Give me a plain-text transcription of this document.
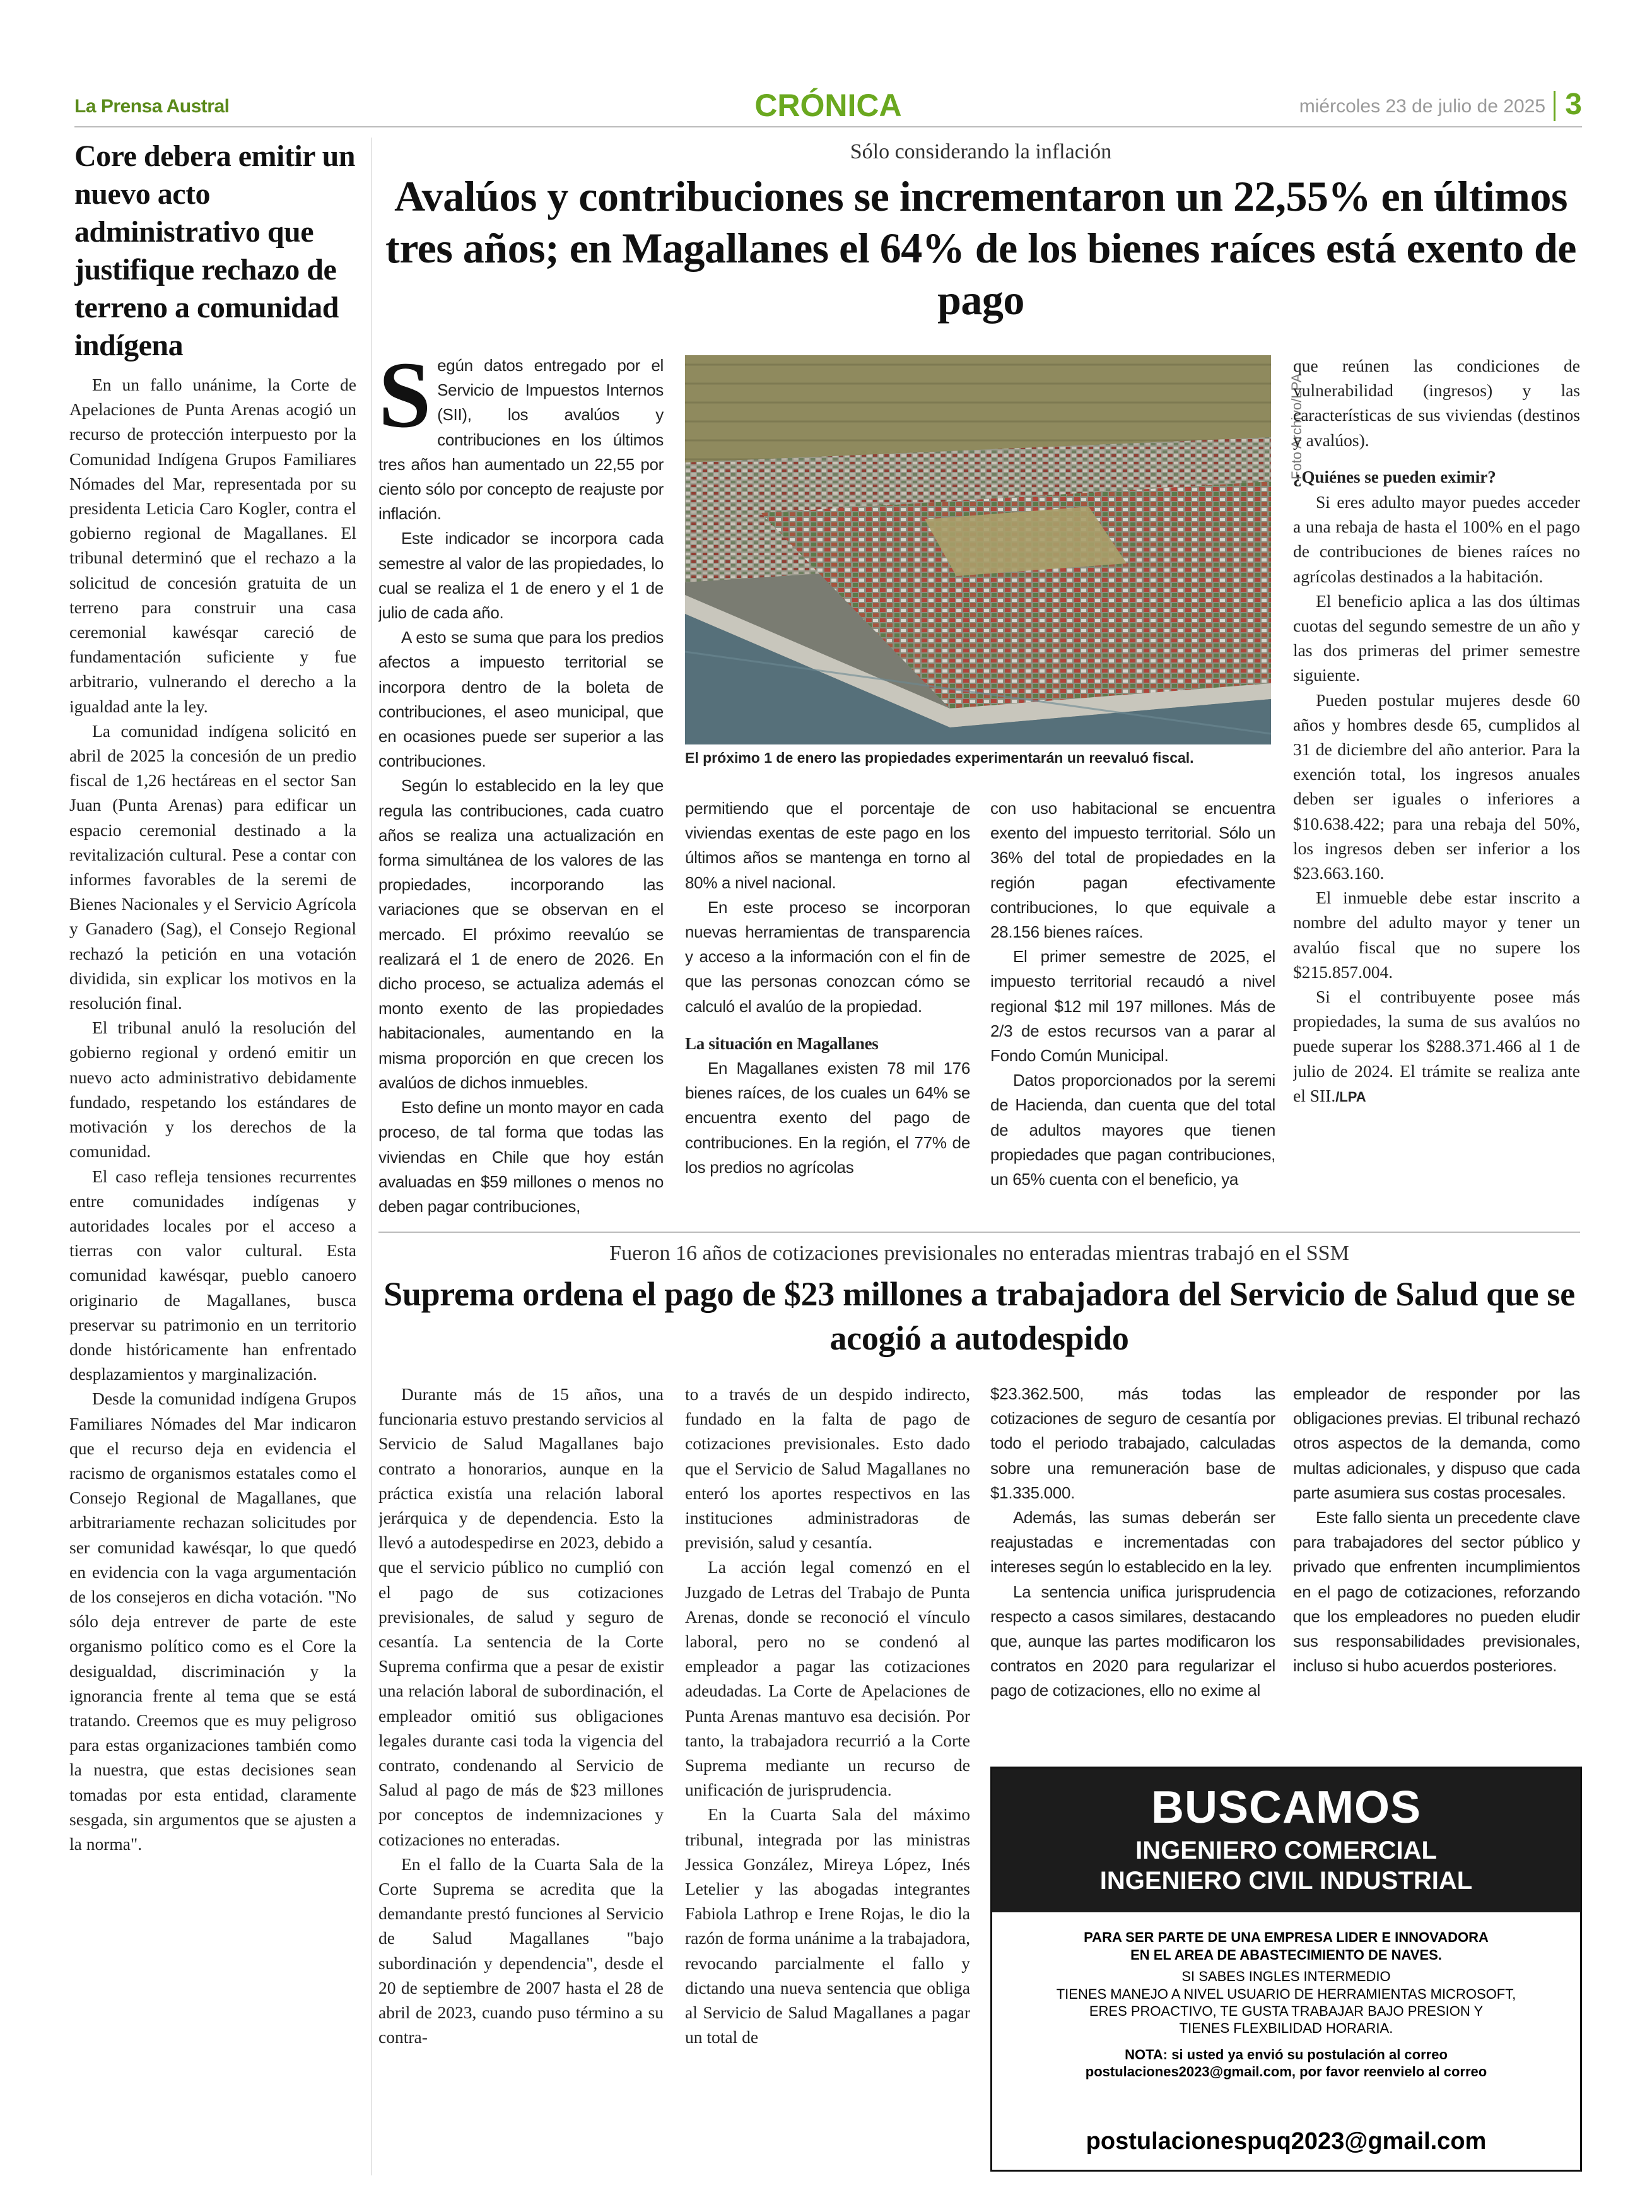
La Prensa Austral	CRÓNICA	miércoles 23 de julio de 2025 3
Core debera emitir un nuevo acto administrativo que justifique rechazo de terreno a comunidad indígena

En un fallo unánime, la Corte de Apelaciones de Punta Arenas acogió un recurso de protección interpuesto por la Comunidad Indígena Grupos Familiares Nómades del Mar, representada por su presidenta Leticia Caro Kogler, contra el gobierno regional de Magallanes. El tribunal determinó que el rechazo a la solicitud de concesión gratuita de un terreno para construir una casa ceremonial kawésqar careció de fundamentación suficiente y fue arbitrario, vulnerando el derecho a la igualdad ante la ley.

La comunidad indígena solicitó en abril de 2025 la concesión de un predio fiscal de 1,26 hectáreas en el sector San Juan (Punta Arenas) para edificar un espacio ceremonial destinado a la revitalización cultural. Pese a contar con informes favorables de la seremi de Bienes Nacionales y el Servicio Agrícola y Ganadero (Sag), el Consejo Regional rechazó la petición en una votación dividida, sin explicar los motivos en la resolución final.

El tribunal anuló la resolución del gobierno regional y ordenó emitir un nuevo acto administrativo debidamente fundado, respetando los estándares de motivación y los derechos de la comunidad.

El caso refleja tensiones recurrentes entre comunidades indígenas y autoridades locales por el acceso a tierras con valor cultural. Esta comunidad kawésqar, pueblo canoero originario de Magallanes, busca preservar su patrimonio en un territorio donde históricamente han enfrentado desplazamientos y marginalización.

Desde la comunidad indígena Grupos Familiares Nómades del Mar indicaron que el recurso deja en evidencia el racismo de organismos estatales como el Consejo Regional de Magallanes, que arbitrariamente rechazan solicitudes por ser comunidad kawésqar, lo que quedó en evidencia con la vaga argumentación de los consejeros en dicha votación. "No sólo deja entrever de parte de este organismo político como es el Core la desigualdad, discriminación y la ignorancia frente al tema que se está tratando. Creemos que es muy peligroso para estas organizaciones también como la nuestra, que estas decisiones sean tomadas por esta entidad, claramente sesgada, sin argumentos que se ajusten a la norma".

Sólo considerando la inflación
Avalúos y contribuciones se incrementaron un 22,55% en últimos tres años; en Magallanes el 64% de los bienes raíces está exento de pago
Foto Archivo/LPA
El próximo 1 de enero las propiedades experimentarán un reevaluó fiscal.

Según datos entregado por el Servicio de Impuestos Internos (SII), los avalúos y contribuciones en los últimos tres años han aumentado un 22,55 por ciento sólo por concepto de reajuste por inflación.

Este indicador se incorpora cada semestre al valor de las propiedades, lo cual se realiza el 1 de enero y el 1 de julio de cada año.

A esto se suma que para los predios afectos a impuesto territorial se incorpora dentro de la boleta de contribuciones, el aseo municipal, que en ocasiones puede ser superior a las contribuciones.

Según lo establecido en la ley que regula las contribuciones, cada cuatro años se realiza una actualización en forma simultánea de los valores de las propiedades, incorporando las variaciones que se observan en el mercado. El próximo reevalúo se realizará el 1 de enero de 2026. En dicho proceso, se actualiza además el monto exento de las propiedades habitacionales, aumentando en la misma proporción en que crecen los avalúos de dichos inmuebles.

Esto define un monto mayor en cada proceso, de tal forma que todas las viviendas en Chile que hoy están avaluadas en $59 millones o menos no deben pagar contribuciones,

permitiendo que el porcentaje de viviendas exentas de este pago en los últimos años se mantenga en torno al 80% a nivel nacional.

En este proceso se incorporan nuevas herramientas de transparencia y acceso a la información con el fin de que las personas conozcan cómo se calculó el avalúo de la propiedad.

La situación en Magallanes

En Magallanes existen 78 mil 176 bienes raíces, de los cuales un 64% se encuentra exento del pago de contribuciones. En la región, el 77% de los predios no agrícolas

con uso habitacional se encuentra exento del impuesto territorial. Sólo un 36% del total de propiedades en la región pagan efectivamente contribuciones, lo que equivale a 28.156 bienes raíces.

El primer semestre de 2025, el impuesto territorial recaudó a nivel regional $12 mil 197 millones. Más de 2/3 de estos recursos van a parar al Fondo Común Municipal.

Datos proporcionados por la seremi de Hacienda, dan cuenta que del total de adultos mayores que tienen propiedades que pagan contribuciones, un 65% cuenta con el beneficio, ya

que reúnen las condiciones de vulnerabilidad (ingresos) y las características de sus viviendas (destinos y avalúos).

¿Quiénes se pueden eximir?

Si eres adulto mayor puedes acceder a una rebaja de hasta el 100% en el pago de contribuciones de bienes raíces no agrícolas destinados a la habitación.

El beneficio aplica a las dos últimas cuotas del segundo semestre de un año y las dos primeras del primer semestre siguiente.

Pueden postular mujeres desde 60 años y hombres desde 65, cumplidos al 31 de diciembre del año anterior. Para la exención total, los ingresos anuales deben ser iguales o inferiores a $10.638.422; para una rebaja del 50%, los ingresos deben ser inferior a los $23.663.160.

El inmueble debe estar inscrito a nombre del adulto mayor y tener un avalúo fiscal que no supere los $215.857.004.

Si el contribuyente posee más propiedades, la suma de sus avalúos no puede superar los $288.371.466 al 1 de julio de 2024. El trámite se realiza ante el SII./LPA

Fueron 16 años de cotizaciones previsionales no enteradas mientras trabajó en el SSM
Suprema ordena el pago de $23 millones a trabajadora del Servicio de Salud que se acogió a autodespido

Durante más de 15 años, una funcionaria estuvo prestando servicios al Servicio de Salud Magallanes bajo contrato a honorarios, aunque en la práctica existía una relación laboral jerárquica y de dependencia. Esto la llevó a autodespedirse en 2023, debido a que el servicio público no cumplió con el pago de sus cotizaciones previsionales, de salud y seguro de cesantía. La sentencia de la Corte Suprema confirma que a pesar de existir una relación laboral de subordinación, el empleador omitió sus obligaciones legales durante casi toda la vigencia del contrato, condenando al Servicio de Salud al pago de más de $23 millones por conceptos de indemnizaciones y cotizaciones no enteradas.

En el fallo de la Cuarta Sala de la Corte Suprema se acredita que la demandante prestó funciones al Servicio de Salud Magallanes "bajo subordinación y dependencia", desde el 20 de septiembre de 2007 hasta el 28 de abril de 2023, cuando puso término a su contra-

to a través de un despido indirecto, fundado en la falta de pago de cotizaciones previsionales. Esto dado que el Servicio de Salud Magallanes no enteró los aportes respectivos en las instituciones administradoras de previsión, salud y cesantía.

La acción legal comenzó en el Juzgado de Letras del Trabajo de Punta Arenas, donde se reconoció el vínculo laboral, pero no se condenó al empleador a pagar las cotizaciones adeudadas. La Corte de Apelaciones de Punta Arenas mantuvo esa decisión. Por tanto, la trabajadora recurrió a la Corte Suprema mediante un recurso de unificación de jurisprudencia.

En la Cuarta Sala del máximo tribunal, integrada por las ministras Jessica González, Mireya López, Inés Letelier y las abogadas integrantes Fabiola Lathrop e Irene Rojas, le dio la razón de forma unánime a la trabajadora, revocando parcialmente el fallo y dictando una nueva sentencia que obliga al Servicio de Salud Magallanes a pagar un total de

$23.362.500, más todas las cotizaciones de seguro de cesantía por todo el periodo trabajado, calculadas sobre una remuneración base de $1.335.000.

Además, las sumas deberán ser reajustadas e incrementadas con intereses según lo establecido en la ley.

La sentencia unifica jurisprudencia respecto a casos similares, destacando que, aunque las partes modificaron los contratos en 2020 para regularizar el pago de cotizaciones, ello no exime al

empleador de responder por las obligaciones previas. El tribunal rechazó otros aspectos de la demanda, como multas adicionales, y dispuso que cada parte asumiera sus costas procesales.

Este fallo sienta un precedente clave para trabajadores del sector público y privado que enfrenten incumplimientos en el pago de cotizaciones, reforzando que los empleadores no pueden eludir sus responsabilidades previsionales, incluso si hubo acuerdos posteriores.

BUSCAMOS
INGENIERO COMERCIAL
INGENIERO CIVIL INDUSTRIAL
PARA SER PARTE DE UNA EMPRESA LIDER E INNOVADORA
EN EL AREA DE ABASTECIMIENTO DE NAVES.
SI SABES INGLES INTERMEDIO
TIENES MANEJO A NIVEL USUARIO DE HERRAMIENTAS MICROSOFT,
ERES PROACTIVO, TE GUSTA TRABAJAR BAJO PRESION Y
TIENES FLEXBILIDAD HORARIA.
NOTA: si usted ya envió su postulación al correo
postulaciones2023@gmail.com, por favor reenvielo al correo
postulacionespuq2023@gmail.com
